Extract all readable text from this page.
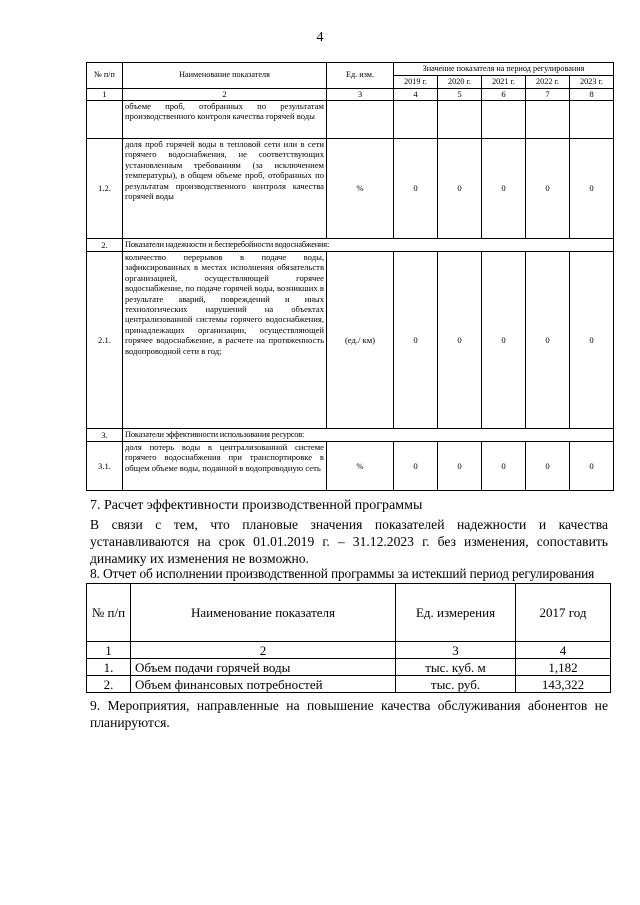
4
№ п/п	Наименование показателя	Ед. изм.	Значение показателя на период регулирования				
			2019 г.	2020 г.	2021 г.	2022 г.	2023 г.
1	2	3	4	5	6	7	8
	объеме проб, отобранных по результатам производственного контроля качества горячей воды						
1.2.	доля проб горячей воды в тепловой сети или в сети горячего водоснабжения, не соответствующих установленным требованиям (за исключением температуры), в общем объеме проб, отобранных по результатам производственного контроля качества горячей воды	%	0	0	0	0	0
2.	Показатели надежности и бесперебойности водоснабжения:						
2.1.	количество перерывов в подаче воды, зафиксированных в местах исполнения обязательств организацией, осуществляющей горячее водоснабжение, по подаче горячей воды, возникших в результате аварий, повреждений и иных технологических нарушений на объектах централизованной системы горячего водоснабжения, принадлежащих организации, осуществляющей горячее водоснабжение, в расчете на протяженность водопроводной сети в год;	(ед./ км)	0	0	0	0	0
3.	Показатели эффективности использования ресурсов:						
3.1.	доля потерь воды в централизованной системе горячего водоснабжения при транспортировке в общем объеме воды, поданной в водопроводную сеть	%	0	0	0	0	0
7. Расчет эффективности производственной программы
В связи с тем, что плановые значения показателей надежности и качества устанавливаются на срок 01.01.2019 г. – 31.12.2023 г. без изменения, сопоставить динамику их изменения не возможно.
8. Отчет об исполнении производственной программы за истекший период регулирования
№ п/п	Наименование показателя	Ед. измерения	2017 год
1	2	3	4
1.	Объем подачи горячей воды	тыс. куб. м	1,182
2.	Объем финансовых потребностей	тыс. руб.	143,322
9. Мероприятия, направленные на повышение качества обслуживания абонентов не планируются.
